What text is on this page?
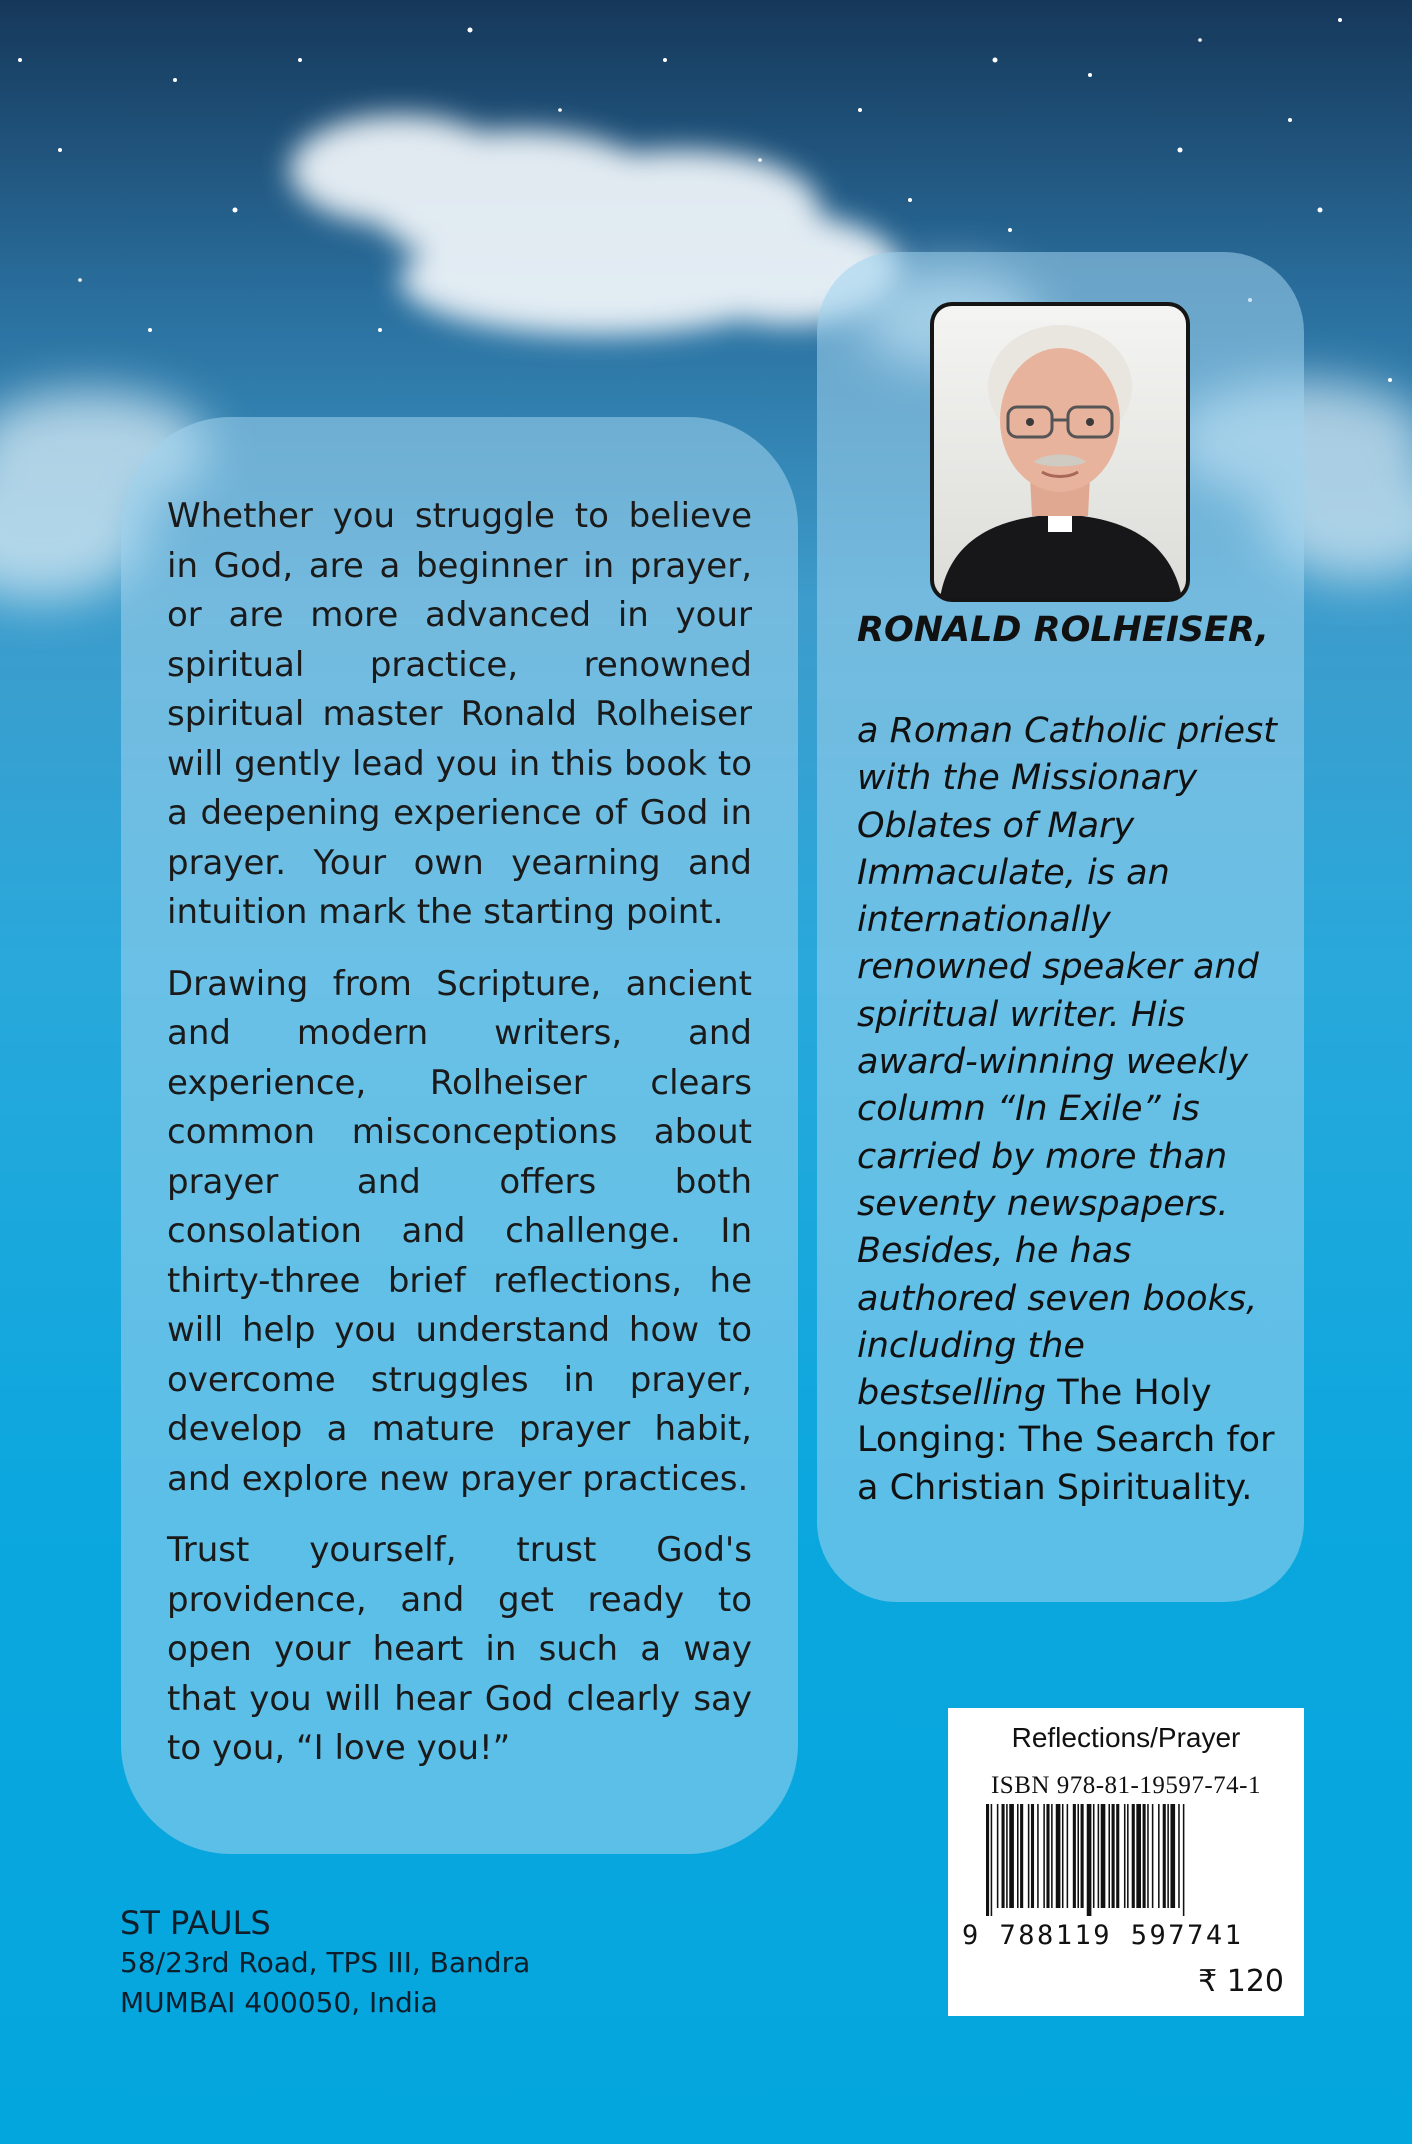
Whether you struggle to believe in God, are a beginner in prayer, or are more advanced in your spiritual practice, renowned spiritual master Ronald Rolheiser will gently lead you in this book to a deepening experience of God in prayer. Your own yearning and intuition mark the starting point.

Drawing from Scripture, ancient and modern writers, and experience, Rolheiser clears common misconceptions about prayer and offers both consolation and challenge. In thirty-three brief reflections, he will help you understand how to overcome struggles in prayer, develop a mature prayer habit, and explore new prayer practices.

Trust yourself, trust God's providence, and get ready to open your heart in such a way that you will hear God clearly say to you, “I love you!”

RONALD ROLHEISER,
a Roman Catholic priest with the Missionary Oblates of Mary Immaculate, is an internationally renowned speaker and spiritual writer. His award-winning weekly column “In Exile” is carried by more than seventy newspapers. Besides, he has authored seven books, including the bestselling The Holy Longing: The Search for a Christian Spirituality.
ST PAULS
58/23rd Road, TPS III, Bandra
MUMBAI 400050, India
Reflections/Prayer
ISBN 978-81-19597-74-1
9 788119 597741
₹ 120
